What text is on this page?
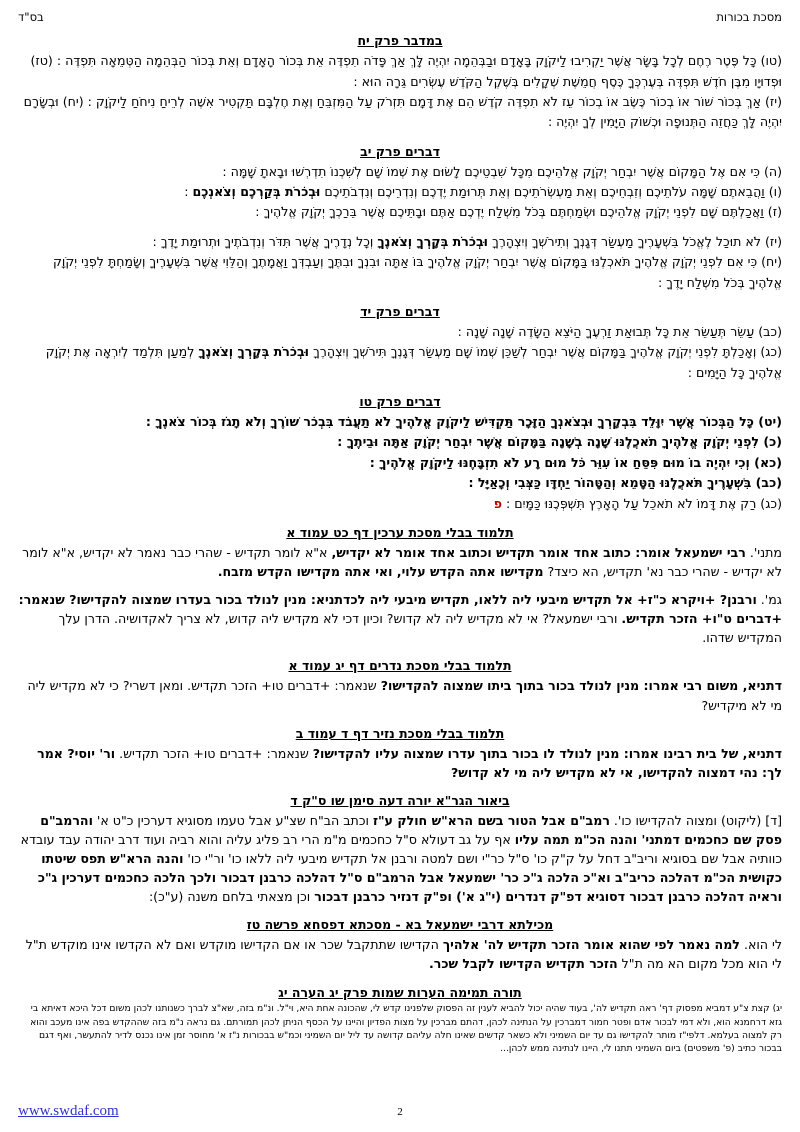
מסכת בכורות
בס"ד
במדבר פרק יח

(טו) כָּל פֶּטֶר רֶחֶם לְכָל בָּשָׂר אֲשֶׁר יַקְרִיבוּ לַיקֹוָק בָּאָדָם וּבַבְּהֵמָה יִהְיֶה לָּךְ אַךְ פָּדֹה תִפְדֶּה אֵת בְּכוֹר הָאָדָם וְאֵת בְּכוֹר הַבְּהֵמָה הַטְּמֵאָה תִּפְדֶּה : (טז) וּפְדוּיָו מִבֶּן חֹדֶשׁ תִּפְדֶּה בְּעֶרְכְּךָ כֶּסֶף חֲמֵשֶׁת שְׁקָלִים בְּשֶׁקֶל הַקֹּדֶשׁ עֶשְׂרִים גֵּרָה הוּא :

(יז) אַךְ בְּכוֹר שׁוֹר אוֹ בְכוֹר כֶּשֶׂב אוֹ בְכוֹר עֵז לֹא תִפְדֶּה קֹדֶשׁ הֵם אֶת דָּמָם תִּזְרֹק עַל הַמִּזְבֵּחַ וְאֶת חֶלְבָּם תַּקְטִיר אִשֶּׁה לְרֵיחַ נִיחֹחַ לַיקֹוָק : (יח) וּבְשָׂרָם יִהְיֶה לָּךְ כַּחֲזֵה הַתְּנוּפָה וּכְשׁוֹק הַיָּמִין לְךָ יִהְיֶה :

דברים פרק יב

(ה) כִּי אִם אֶל הַמָּקוֹם אֲשֶׁר יִבְחַר יְקֹוָק אֱלֹהֵיכֶם מִכָּל שִׁבְטֵיכֶם לָשׂוּם אֶת שְׁמוֹ שָׁם לְשִׁכְנוֹ תִדְרְשׁוּ וּבָאתָ שָׁמָּה :

(ו) וַהֲבֵאתֶם שָׁמָּה עֹלֹתֵיכֶם וְזִבְחֵיכֶם וְאֵת מַעְשְׂרֹתֵיכֶם וְאֵת תְּרוּמַת יֶדְכֶם וְנִדְרֵיכֶם וְנִדְבֹתֵיכֶם וּבְכֹרֹת בְּקַרְכֶם וְצֹאנְכֶם :

(ז) וַאֲכַלְתֶּם שָׁם לִפְנֵי יְקֹוָק אֱלֹהֵיכֶם וּשְׂמַחְתֶּם בְּכֹל מִשְׁלַח יֶדְכֶם אַתֶּם וּבָתֵּיכֶם אֲשֶׁר בֵּרַכְךָ יְקֹוָק אֱלֹהֶיךָ :

(יז) לֹא תוּכַל לֶאֱכֹל בִּשְׁעָרֶיךָ מַעְשַׂר דְּגָנְךָ וְתִירֹשְׁךָ וְיִצְהָרֶךָ וּבְכֹרֹת בְּקָרְךָ וְצֹאנֶךָ וְכָל נְדָרֶיךָ אֲשֶׁר תִּדֹּר וְנִדְבֹתֶיךָ וּתְרוּמַת יָדֶךָ :

(יח) כִּי אִם לִפְנֵי יְקֹוָק אֱלֹהֶיךָ תֹּאכְלֶנּוּ בַּמָּקוֹם אֲשֶׁר יִבְחַר יְקֹוָק אֱלֹהֶיךָ בּוֹ אַתָּה וּבִנְךָ וּבִתֶּךָ וְעַבְדְּךָ וַאֲמָתֶךָ וְהַלֵּוִי אֲשֶׁר בִּשְׁעָרֶיךָ וְשָׂמַחְתָּ לִפְנֵי יְקֹוָק אֱלֹהֶיךָ בְּכֹל מִשְׁלַח יָדֶךָ :

דברים פרק יד

(כב) עַשֵּׂר תְּעַשֵּׂר אֵת כָּל תְּבוּאַת זַרְעֶךָ הַיֹּצֵא הַשָּׂדֶה שָׁנָה שָׁנָה :

(כג) וְאָכַלְתָּ לִפְנֵי יְקֹוָק אֱלֹהֶיךָ בַּמָּקוֹם אֲשֶׁר יִבְחַר לְשַׁכֵּן שְׁמוֹ שָׁם מַעְשַׂר דְּגָנְךָ תִּירֹשְׁךָ וְיִצְהָרֶךָ וּבְכֹרֹת בְּקָרְךָ וְצֹאנֶךָ לְמַעַן תִּלְמַד לְיִרְאָה אֶת יְקֹוָק אֱלֹהֶיךָ כָּל הַיָּמִים :

דברים פרק טו

(יט) כָּל הַבְּכוֹר אֲשֶׁר יִוָּלֵד בִּבְקָרְךָ וּבְצֹאנְךָ הַזָּכָר תַּקְדִּישׁ לַיקֹוָק אֱלֹהֶיךָ לֹא תַעֲבֹד בִּבְכֹר שׁוֹרֶךָ וְלֹא תָגֹז בְּכוֹר צֹאנֶךָ :

(כ) לִפְנֵי יְקֹוָק אֱלֹהֶיךָ תֹאכֲלֶנּוּ שָׁנָה בְשָׁנָה בַּמָּקוֹם אֲשֶׁר יִבְחַר יְקֹוָק אַתָּה וּבֵיתֶךָ :

(כא) וְכִי יִהְיֶה בוֹ מוּם פִּסֵּחַ אוֹ עִוֵּר כֹּל מוּם רָע לֹא תִזְבָּחֶנּוּ לַיקֹוָק אֱלֹהֶיךָ :

(כב) בִּשְׁעָרֶיךָ תֹּאכֲלֶנּוּ הַטָּמֵא וְהַטָּהוֹר יַחְדָּו כַּצְּבִי וְכָאַיָּל :

(כג) רַק אֶת דָּמוֹ לֹא תֹאכֵל עַל הָאָרֶץ תִּשְׁפְּכֶנּוּ כַּמָּיִם : פ

תלמוד בבלי מסכת ערכין דף כט עמוד א

מתני'. רבי ישמעאל אומר: כתוב אחד אומר תקדיש וכתוב אחד אומר לא יקדיש, א"א לומר תקדיש - שהרי כבר נאמר לא יקדיש, א"א לומר לא יקדיש - שהרי כבר נא' תקדיש, הא כיצד? מקדישו אתה הקדש עלוי, ואי אתה מקדישו הקדש מזבח.

גמ'. ורבנן? +ויקרא כ"ז+ אל תקדיש מיבעי ליה ללאו, תקדיש מיבעי ליה לכדתניא: מנין לנולד בכור בעדרו שמצוה להקדישו? שנאמר: +דברים ט"ו+ הזכר תקדיש. ורבי ישמעאל? אי לא מקדיש ליה לא קדוש? וכיון דכי לא מקדיש ליה קדוש, לא צריך לאקדושיה. הדרן עלך המקדיש שדהו.

תלמוד בבלי מסכת נדרים דף יג עמוד א

דתניא, משום רבי אמרו: מנין לנולד בכור בתוך ביתו שמצוה להקדישו? שנאמר: +דברים טו+ הזכר תקדיש. ומאן דשרי? כי לא מקדיש ליה מי לא מיקדיש?

תלמוד בבלי מסכת נזיר דף ד עמוד ב

דתניא, של בית רבינו אמרו: מנין לנולד לו בכור בתוך עדרו שמצוה עליו להקדישו? שנאמר: +דברים טו+ הזכר תקדיש. ור' יוסי? אמר לך: נהי דמצוה להקדישו, אי לא מקדיש ליה מי לא קדוש?

ביאור הגר"א יורה דעה סימן שו ס"ק ד

[ד] (ליקוט) ומצוה להקדישו כו'. רמב"ם אבל הטור בשם הרא"ש חולק ע"ז וכתב הב"ח שצ"ע אבל טעמו מסוגיא דערכין כ"ט א' והרמב"ם פסק שם כחכמים דמתני' והנה הכ"מ תמה עליו אף על גב דעולא ס"ל כחכמים מ"מ הרי רב פליג עליה והוא רביה ועוד דרב יהודה עבד עובדא כוותיה אבל שם בסוגיא וריב"ב דחל על ק"ק כו' ס"ל כר"י ושם למטה ורבנן אל תקדיש מיבעי ליה ללאו כו' ור"י כו' והנה הרא"ש תפס שיטתו כקושית הכ"מ דהלכה כריב"ב וא"כ הלכה ג"כ כר' ישמעאל אבל הרמב"ם ס"ל דהלכה כרבנן דבכור ולכך הלכה כחכמים דערכין ג"כ וראיה דהלכה כרבנן דבכור דסוגיא דפ"ק דנדרים (י"ג א') ופ"ק דנזיר כרבנן דבכור וכן מצאתי בלחם משנה (ע"כ):

מכילתא דרבי ישמעאל בא - מסכתא דפסחא פרשה טז

לי הוא. למה נאמר לפי שהוא אומר הזכר תקדיש לה' אלהיך הקדישו שתתקבל שכר או אם הקדישו מוקדש ואם לא הקדשו אינו מוקדש ת"ל לי הוא מכל מקום הא מה ת"ל הזכר תקדיש הקדישו לקבל שכר.

תורה תמימה הערות שמות פרק יג הערה יג

יג) קצת צ"ע דמביא מפסוק דף' ראה תקדיש לה', בעוד שהיה יכול להביא לענין זה הפסוק שלפנינו קדש לי, שהכונה אחת היא, וי"ל. ונ"מ בזה, שא"צ לברך כשנותנו לכהן משום דכל היכא דאיתא בי גזא דרחמנא הוא, ולא דמי לבכור אדם ופטר חמור דמברכין על הנתינה לכהן, דהתם מברכין על מצות הפדיון והיינו על הכסף הניתן לכהן תמורתם. גם נראה נ"מ בזה שההקדש בפה אינו מעכב והוא רק למצוה בעלמא. דלפי"ז מותר להקדישו גם עד יום השמיני ולא כשאר קדשים שאינו חלה עליהם קדושה עד ליל יום השמיני וכמ"ש בבכורות נ"ז א' מחוסר זמן אינו נכנס לדיר להתעשר, ואף דגם בבכור כתיב (פ' משפטים) ביום השמיני תתנו לי, היינו לנתינה ממש לכהן...

www.swdaf.com	2
